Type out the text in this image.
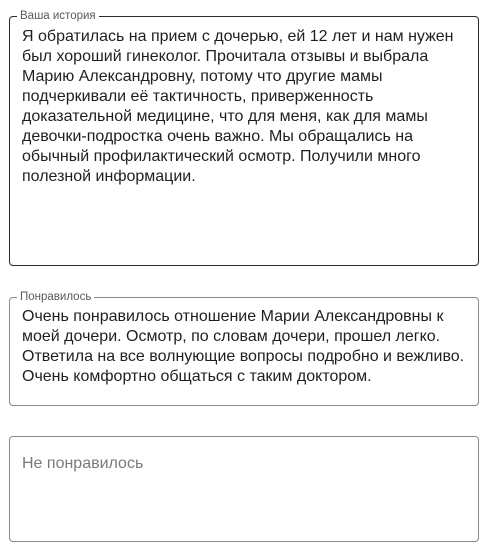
Ваша история
Я обратилась на прием с дочерью, ей 12 лет и нам нужен был хороший гинеколог. Прочитала отзывы и выбрала Марию Александровну, потому что другие мамы подчеркивали её тактичность, приверженность доказательной медицине, что для меня, как для мамы девочки-подростка очень важно. Мы обращались на обычный профилактический осмотр. Получили много полезной информации.
Понравилось
Очень понравилось отношение Марии Александровны к моей дочери. Осмотр, по словам дочери, прошел легко. Ответила на все волнующие вопросы подробно и вежливо. Очень комфортно общаться с таким доктором.
Не понравилось
